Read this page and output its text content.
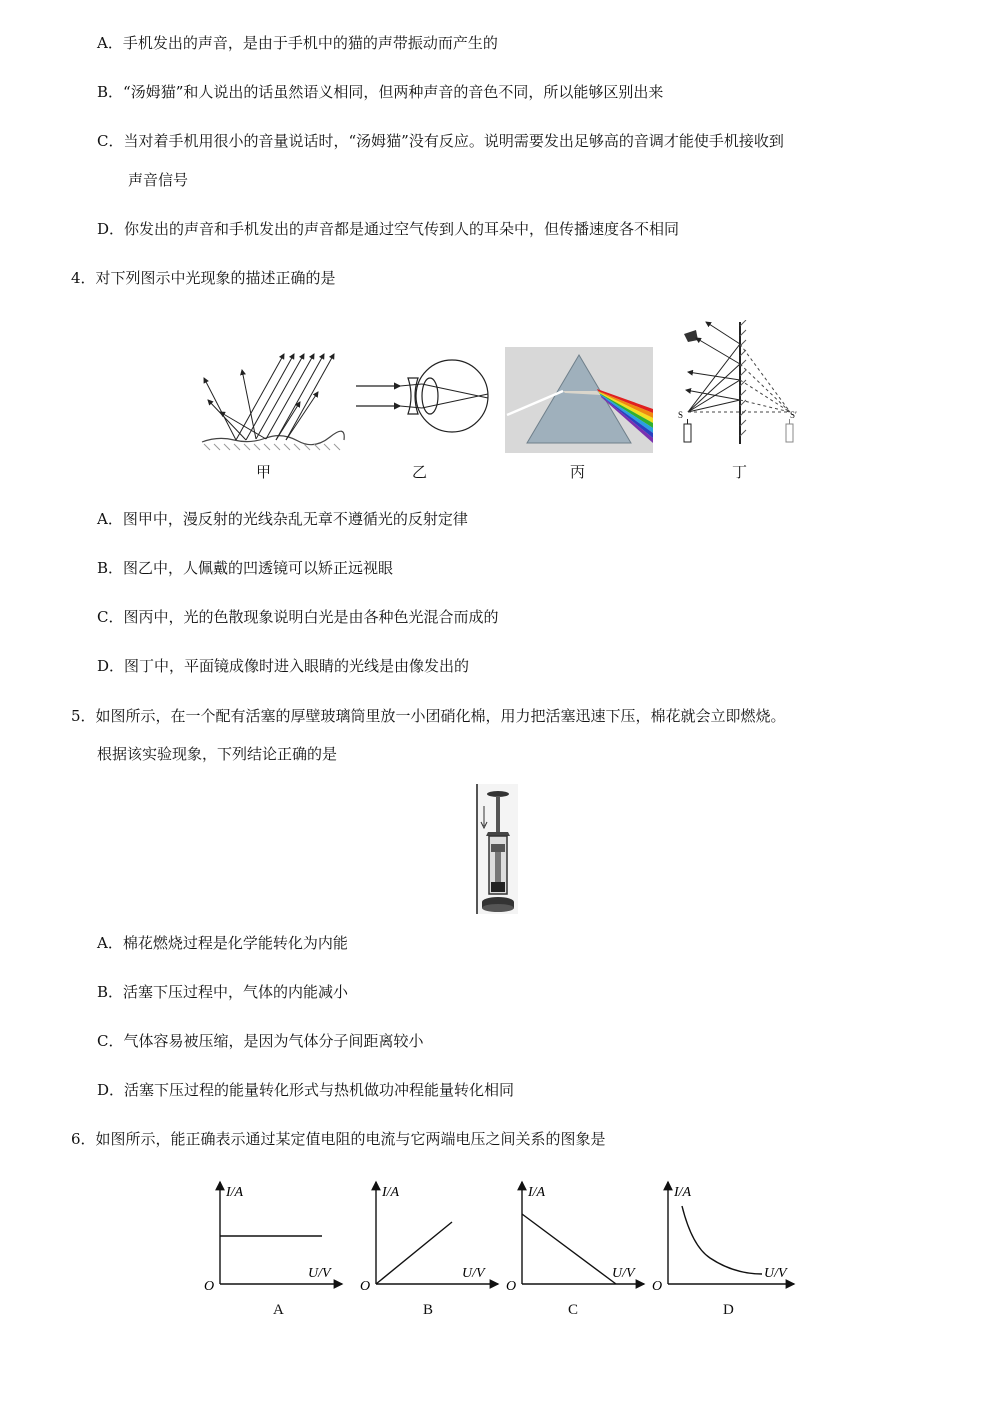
A．手机发出的声音，是由于手机中的猫的声带振动而产生的
B．“汤姆猫”和人说出的话虽然语义相同，但两种声音的音色不同，所以能够区别出来
C．当对着手机用很小的音量说话时，“汤姆猫”没有反应。说明需要发出足够高的音调才能使手机接收到
声音信号
D．你发出的声音和手机发出的声音都是通过空气传到人的耳朵中，但传播速度各不相同
4．对下列图示中光现象的描述正确的是
甲	乙	丙
S	S′
丁
A．图甲中，漫反射的光线杂乱无章不遵循光的反射定律
B．图乙中，人佩戴的凹透镜可以矫正远视眼
C．图丙中，光的色散现象说明白光是由各种色光混合而成的
D．图丁中，平面镜成像时进入眼睛的光线是由像发出的
5．如图所示，在一个配有活塞的厚壁玻璃筒里放一小团硝化棉，用力把活塞迅速下压，棉花就会立即燃烧。
根据该实验现象，下列结论正确的是
A．棉花燃烧过程是化学能转化为内能
B．活塞下压过程中，气体的内能减小
C．气体容易被压缩，是因为气体分子间距离较小
D．活塞下压过程的能量转化形式与热机做功冲程能量转化相同
6．如图所示，能正确表示通过某定值电阻的电流与它两端电压之间关系的图象是
I/A
U/V
O
A
I/A
U/V
O
B
I/A
U/V
O
C
I/A
U/V
O
D
